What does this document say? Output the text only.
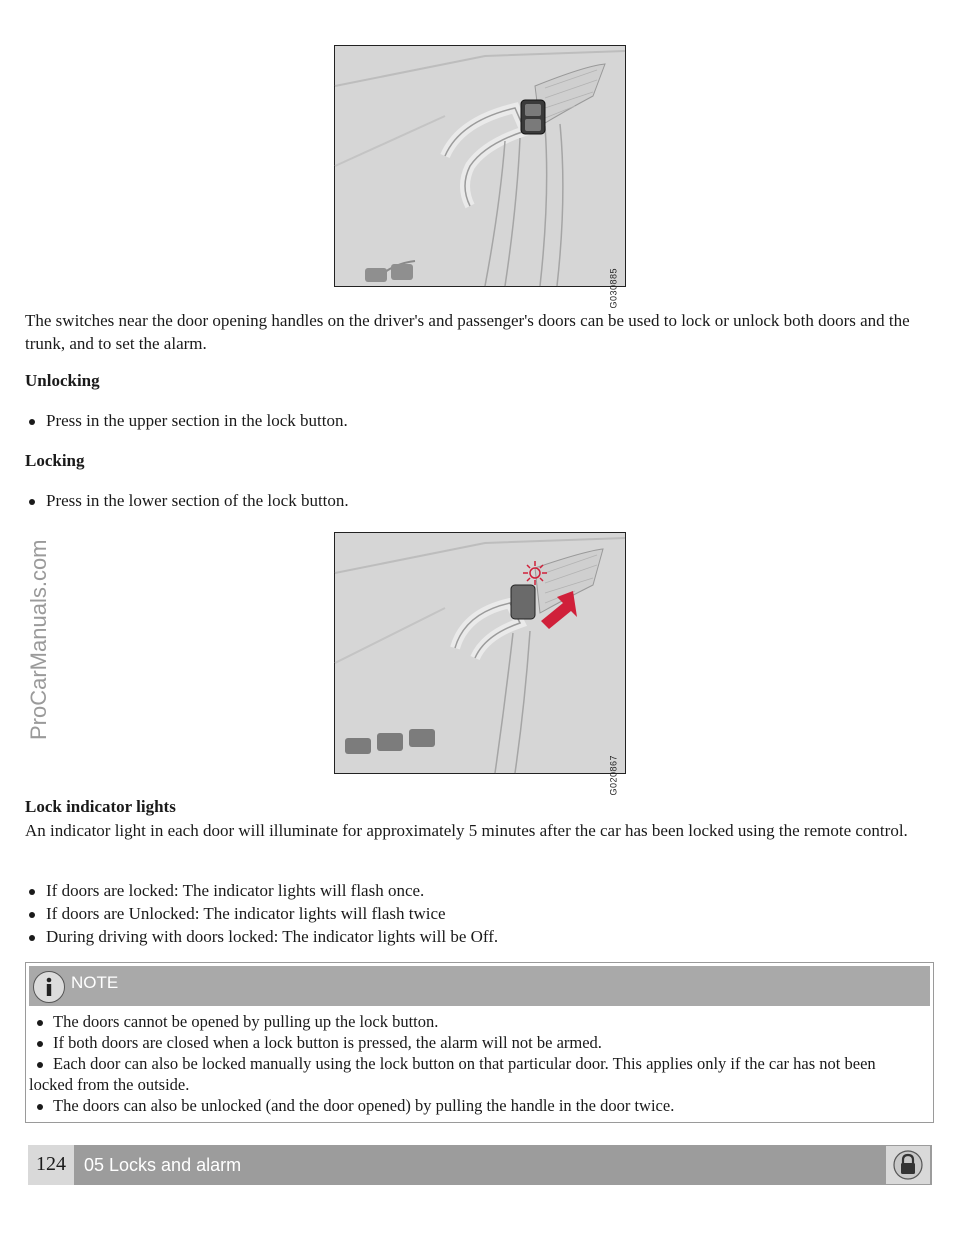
G030885

The switches near the door opening handles on the driver's and passenger's doors can be used to lock or unlock both doors and the trunk, and to set the alarm.

Unlocking
Press in the upper section in the lock button.
Locking
Press in the lower section of the lock button.
G020867
Lock indicator lights

An indicator light in each door will illuminate for approximately 5 minutes after the car has been locked using the remote control.

If doors are locked: The indicator lights will flash once.
If doors are Unlocked: The indicator lights will flash twice
During driving with doors locked: The indicator lights will be Off.
NOTE
The doors cannot be opened by pulling up the lock button.
If both doors are closed when a lock button is pressed, the alarm will not be armed.
Each door can also be locked manually using the lock button on that particular door. This applies only if the car has not been locked from the outside.
The doors can also be unlocked (and the door opened) by pulling the handle in the door twice.
124	05 Locks and alarm
ProCarManuals.com
